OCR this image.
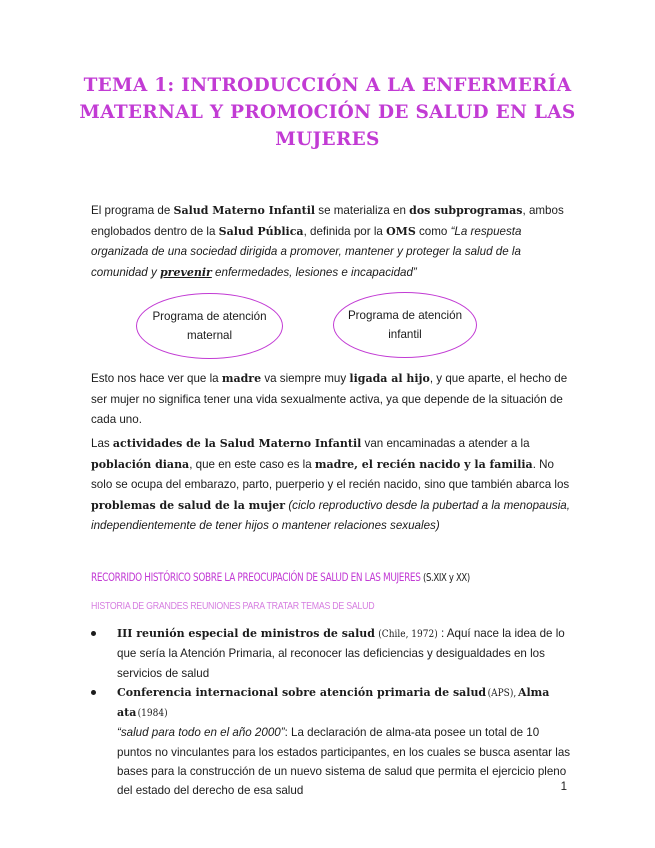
TEMA 1: INTRODUCCIÓN A LA ENFERMERÍA
MATERNAL Y PROMOCIÓN DE SALUD EN LAS
MUJERES
El programa de Salud Materno Infantil se materializa en dos subprogramas, ambos englobados dentro de la Salud Pública, definida por la OMS como “La respuesta organizada de una sociedad dirigida a promover, mantener y proteger la salud de la comunidad y prevenir enfermedades, lesiones e incapacidad”
Programa de atención
maternal
Programa de atención
infantil
Esto nos hace ver que la madre va siempre muy ligada al hijo, y que aparte, el hecho de ser mujer no significa tener una vida sexualmente activa, ya que depende de la situación de cada uno.
Las actividades de la Salud Materno Infantil van encaminadas a atender a la población diana, que en este caso es la madre, el recién nacido y la familia. No solo se ocupa del embarazo, parto, puerperio y el recién nacido, sino que también abarca los problemas de salud de la mujer (ciclo reproductivo desde la pubertad a la menopausia, independientemente de tener hijos o mantener relaciones sexuales)
RECORRIDO HISTÓRICO SOBRE LA PREOCUPACIÓN DE SALUD EN LAS MUJERES (S.XIX y XX)
HISTORIA DE GRANDES REUNIONES PARA TRATAR TEMAS DE SALUD
III reunión especial de ministros de salud(Chile, 1972) : Aquí nace la idea de lo que sería la Atención Primaria, al reconocer las deficiencias y desigualdades en los servicios de salud
Conferencia internacional sobre atención primaria de salud(APS),Alma ata(1984)
“salud para todo en el año 2000”: La declaración de alma-ata posee un total de 10 puntos no vinculantes para los estados participantes, en los cuales se busca asentar las bases para la construcción de un nuevo sistema de salud que permita el ejercicio pleno del estado del derecho de esa salud	1
